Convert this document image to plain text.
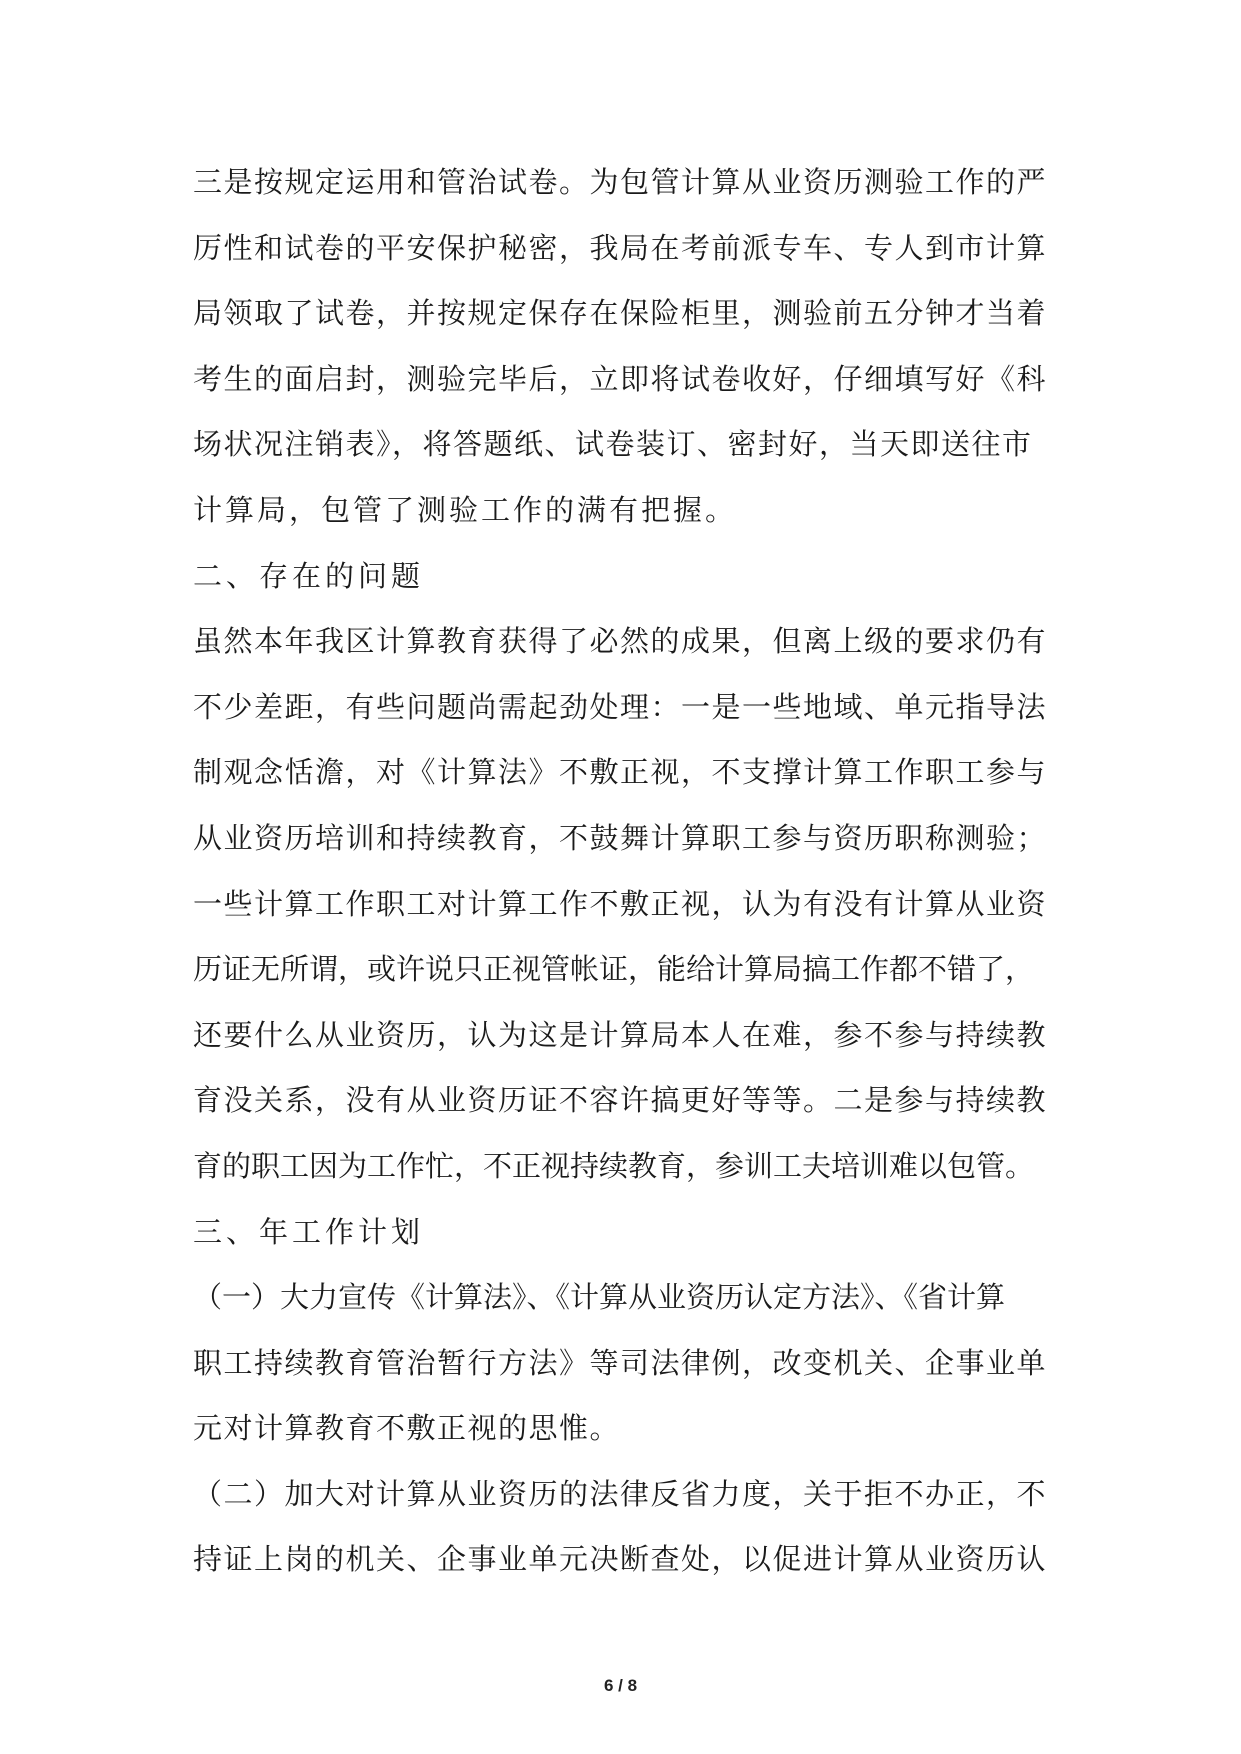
三是按规定运用和管治试卷。为包管计算从业资历测验工作的严
厉性和试卷的平安保护秘密，我局在考前派专车、专人到市计算
局领取了试卷，并按规定保存在保险柜里，测验前五分钟才当着
考生的面启封，测验完毕后，立即将试卷收好，仔细填写好《科
场状况注销表》，将答题纸、试卷装订、密封好，当天即送往市
计算局，包管了测验工作的满有把握。
二、存在的问题
虽然本年我区计算教育获得了必然的成果，但离上级的要求仍有
不少差距，有些问题尚需起劲处理：一是一些地域、单元指导法
制观念恬澹，对《计算法》不敷正视，不支撑计算工作职工参与
从业资历培训和持续教育，不鼓舞计算职工参与资历职称测验；
一些计算工作职工对计算工作不敷正视，认为有没有计算从业资
历证无所谓，或许说只正视管帐证，能给计算局搞工作都不错了，
还要什么从业资历，认为这是计算局本人在难，参不参与持续教
育没关系，没有从业资历证不容许搞更好等等。二是参与持续教
育的职工因为工作忙，不正视持续教育，参训工夫培训难以包管。
三、年工作计划
（一）大力宣传《计算法》、《计算从业资历认定方法》、《省计算
职工持续教育管治暂行方法》等司法律例，改变机关、企事业单
元对计算教育不敷正视的思惟。
（二）加大对计算从业资历的法律反省力度，关于拒不办正，不
持证上岗的机关、企事业单元决断查处，以促进计算从业资历认
6 / 8
